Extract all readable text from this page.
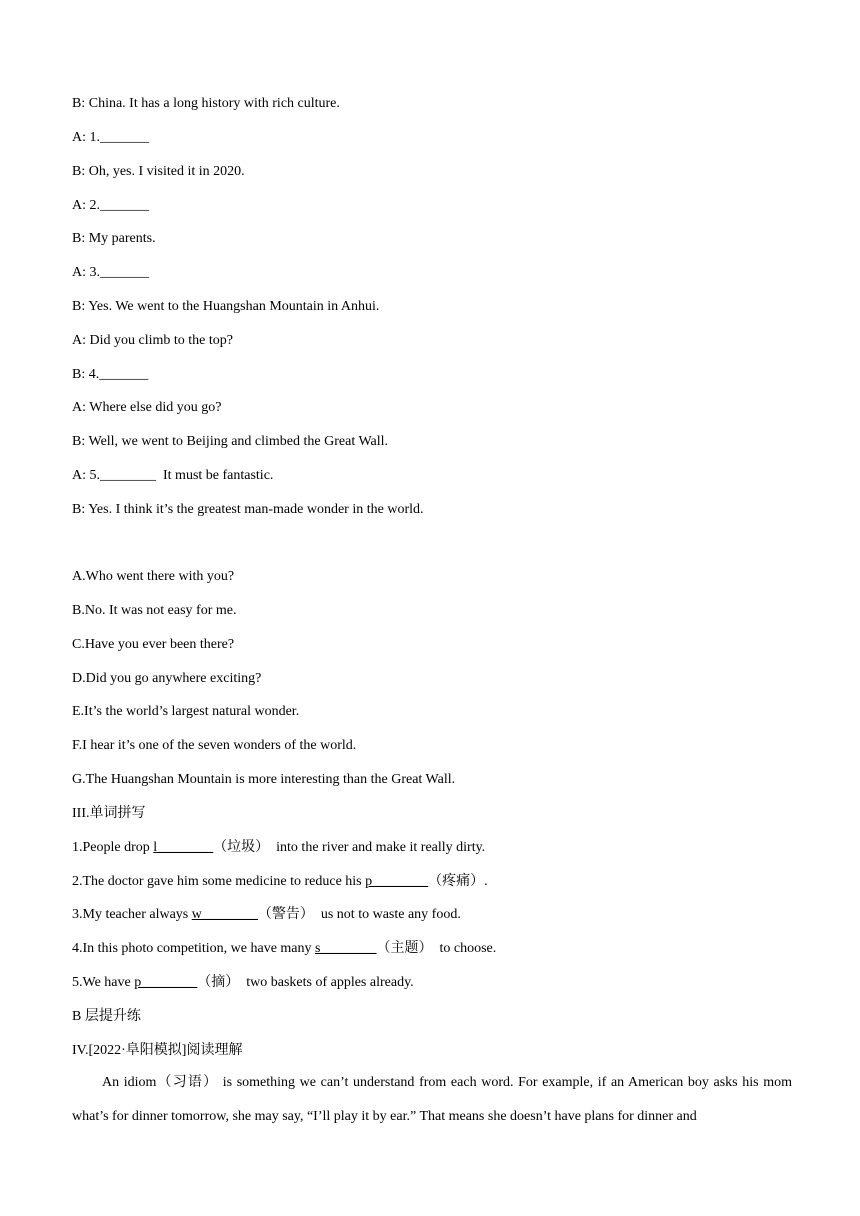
B: China. It has a long history with rich culture.
A: 1._______
B: Oh, yes. I visited it in 2020.
A: 2._______
B: My parents.
A: 3._______
B: Yes. We went to the Huangshan Mountain in Anhui.
A: Did you climb to the top?
B: 4._______
A: Where else did you go?
B: Well, we went to Beijing and climbed the Great Wall.
A: 5.________  It must be fantastic.
B: Yes. I think it’s the greatest man-made wonder in the world.
A.Who went there with you?
B.No. It was not easy for me.
C.Have you ever been there?
D.Did you go anywhere exciting?
E.It’s the world’s largest natural wonder.
F.I hear it’s one of the seven wonders of the world.
G.The Huangshan Mountain is more interesting than the Great Wall.
III.单词拼写
1.People drop l________（垃圾）  into the river and make it really dirty.
2.The doctor gave him some medicine to reduce his p________（疼痛）.
3.My teacher always w________（警告）  us not to waste any food.
4.In this photo competition, we have many s________（主题）  to choose.
5.We have p________（摘）  two baskets of apples already.
B 层提升练
IV.[2022·阜阳模拟]阅读理解
An idiom（习语） is something we can’t understand from each word. For example, if an American boy asks his mom what’s for dinner tomorrow, she may say, “I’ll play it by ear.” That means she doesn’t have plans for dinner and
